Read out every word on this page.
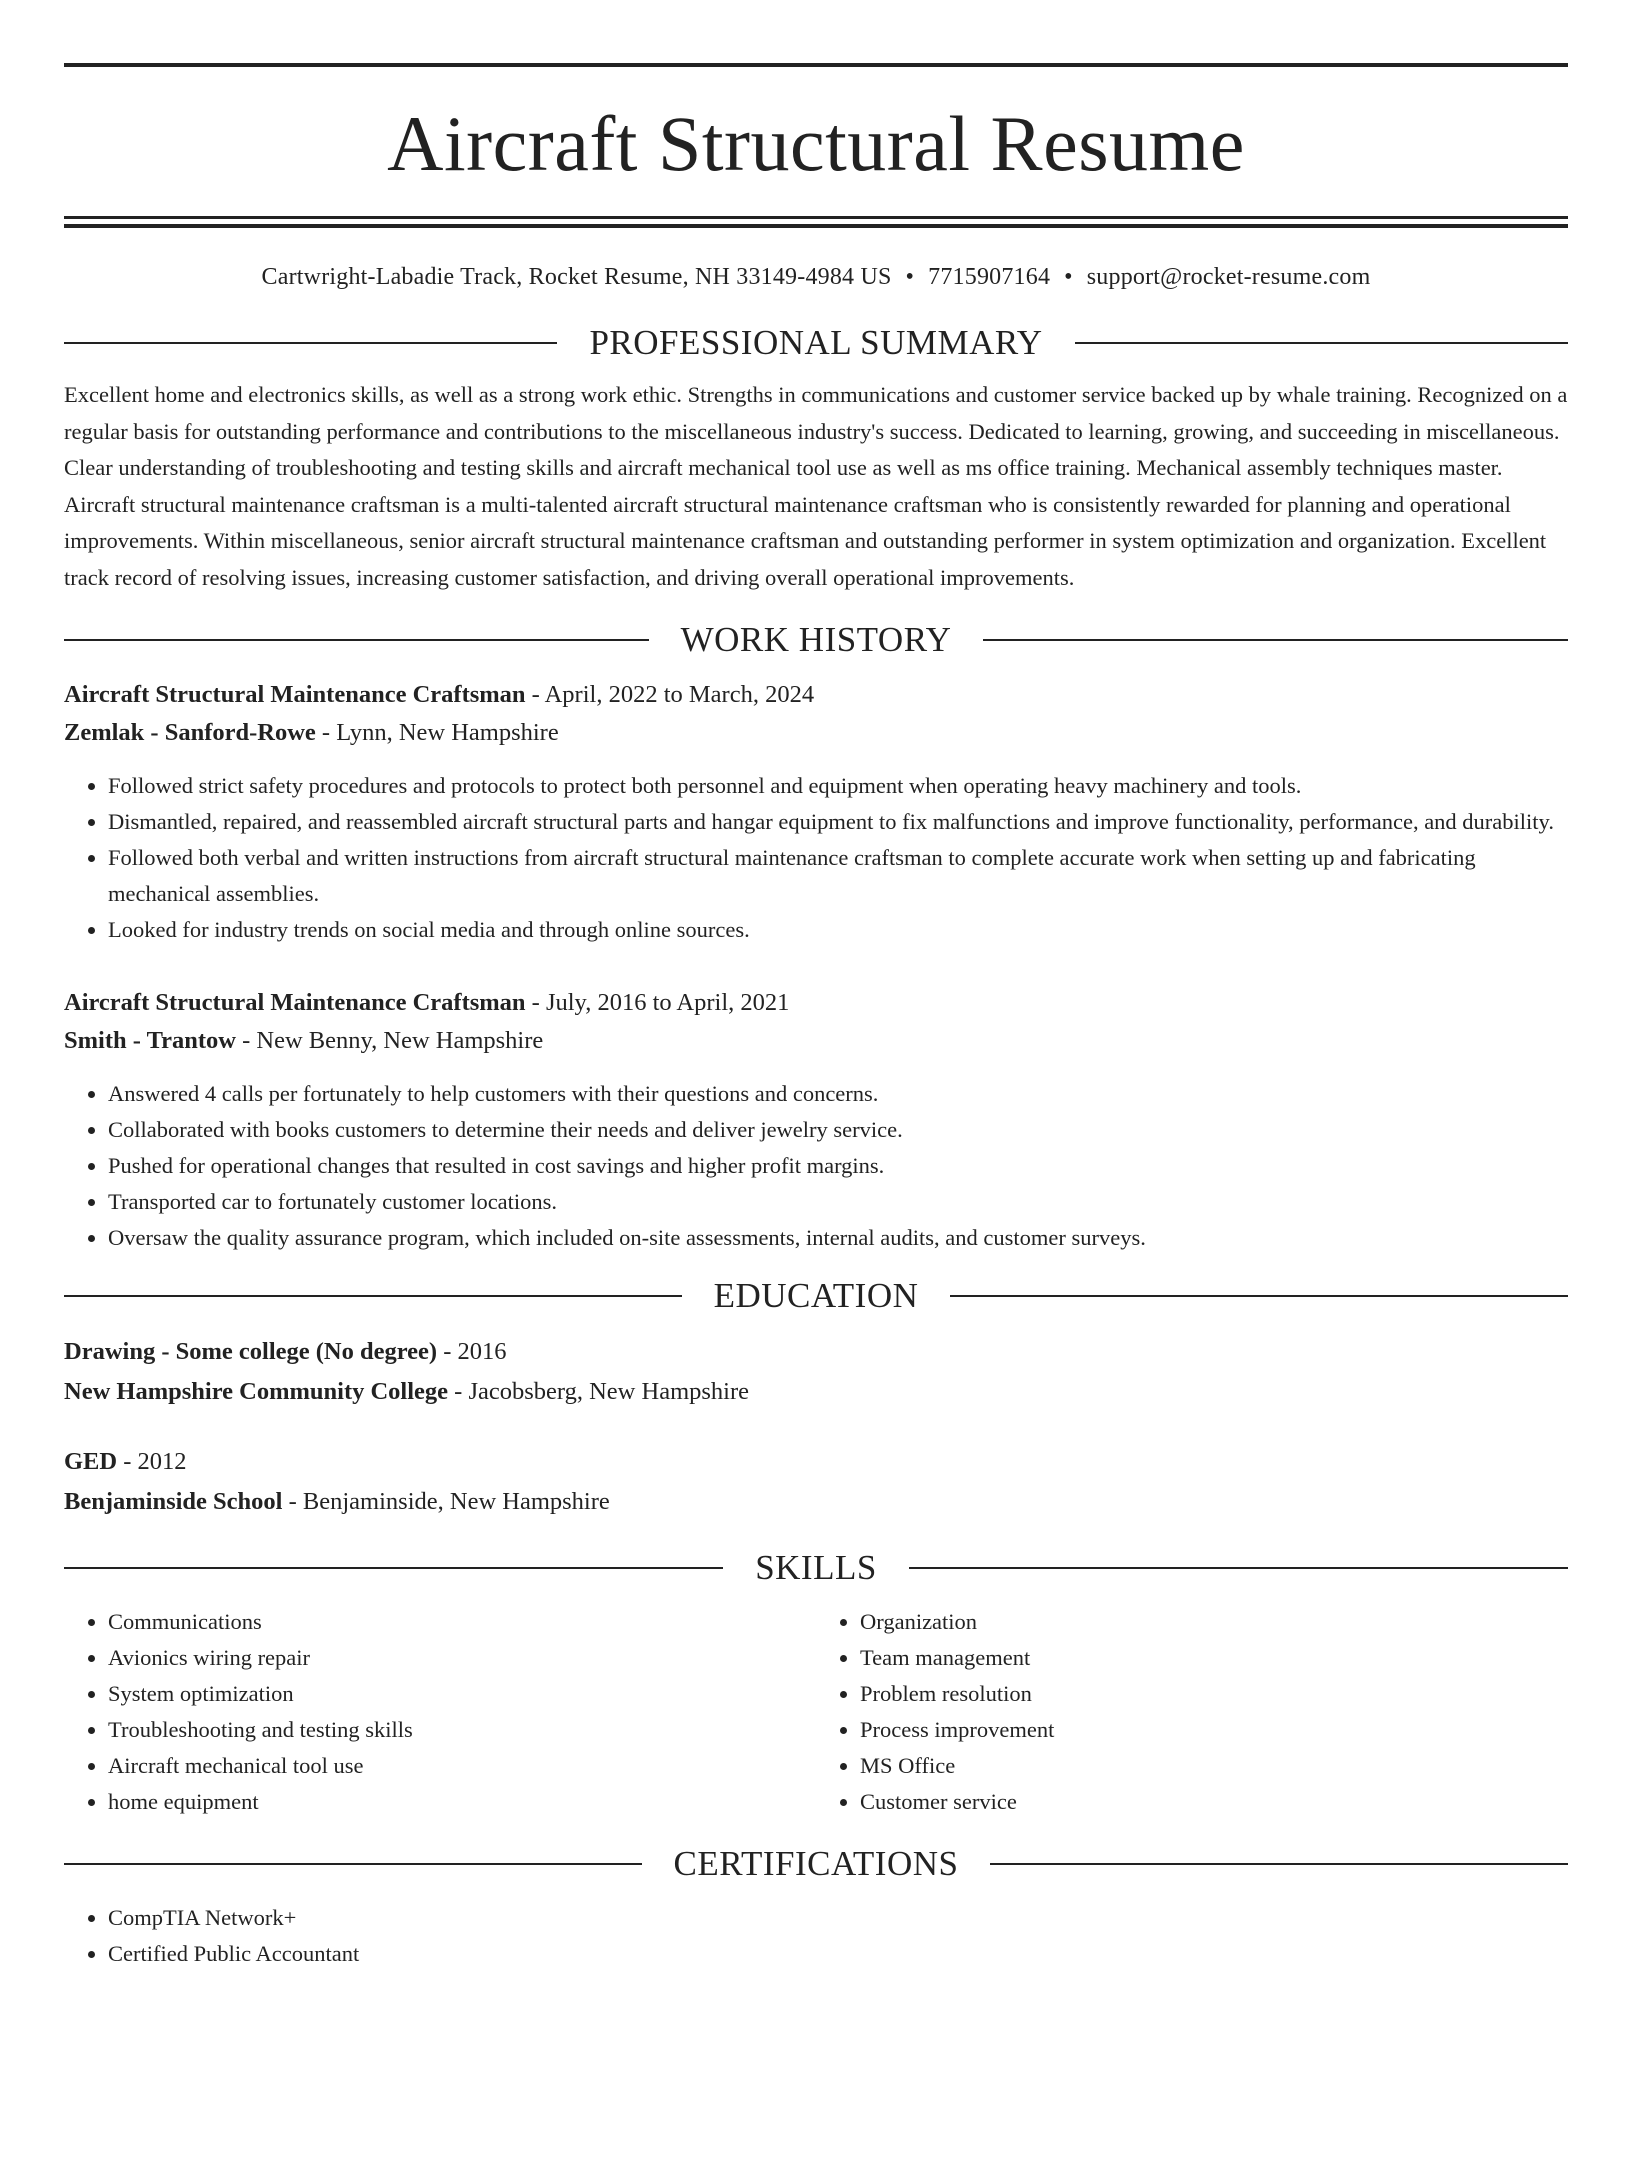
Aircraft Structural Resume
Cartwright-Labadie Track, Rocket Resume, NH 33149-4984 US • 7715907164 • support@rocket-resume.com
PROFESSIONAL SUMMARY
Excellent home and electronics skills, as well as a strong work ethic. Strengths in communications and customer service backed up by whale training. Recognized on a regular basis for outstanding performance and contributions to the miscellaneous industry's success. Dedicated to learning, growing, and succeeding in miscellaneous. Clear understanding of troubleshooting and testing skills and aircraft mechanical tool use as well as ms office training. Mechanical assembly techniques master. Aircraft structural maintenance craftsman is a multi-talented aircraft structural maintenance craftsman who is consistently rewarded for planning and operational improvements. Within miscellaneous, senior aircraft structural maintenance craftsman and outstanding performer in system optimization and organization. Excellent track record of resolving issues, increasing customer satisfaction, and driving overall operational improvements.
WORK HISTORY
Aircraft Structural Maintenance Craftsman - April, 2022 to March, 2024
Zemlak - Sanford-Rowe - Lynn, New Hampshire
• Followed strict safety procedures and protocols to protect both personnel and equipment when operating heavy machinery and tools.
• Dismantled, repaired, and reassembled aircraft structural parts and hangar equipment to fix malfunctions and improve functionality, performance, and durability.
• Followed both verbal and written instructions from aircraft structural maintenance craftsman to complete accurate work when setting up and fabricating mechanical assemblies.
• Looked for industry trends on social media and through online sources.
Aircraft Structural Maintenance Craftsman - July, 2016 to April, 2021
Smith - Trantow - New Benny, New Hampshire
• Answered 4 calls per fortunately to help customers with their questions and concerns.
• Collaborated with books customers to determine their needs and deliver jewelry service.
• Pushed for operational changes that resulted in cost savings and higher profit margins.
• Transported car to fortunately customer locations.
• Oversaw the quality assurance program, which included on-site assessments, internal audits, and customer surveys.
EDUCATION
Drawing - Some college (No degree) - 2016
New Hampshire Community College - Jacobsberg, New Hampshire
GED - 2012
Benjaminside School - Benjaminside, New Hampshire
SKILLS
• Communications
• Avionics wiring repair
• System optimization
• Troubleshooting and testing skills
• Aircraft mechanical tool use
• home equipment
• Organization
• Team management
• Problem resolution
• Process improvement
• MS Office
• Customer service
CERTIFICATIONS
• CompTIA Network+
• Certified Public Accountant
